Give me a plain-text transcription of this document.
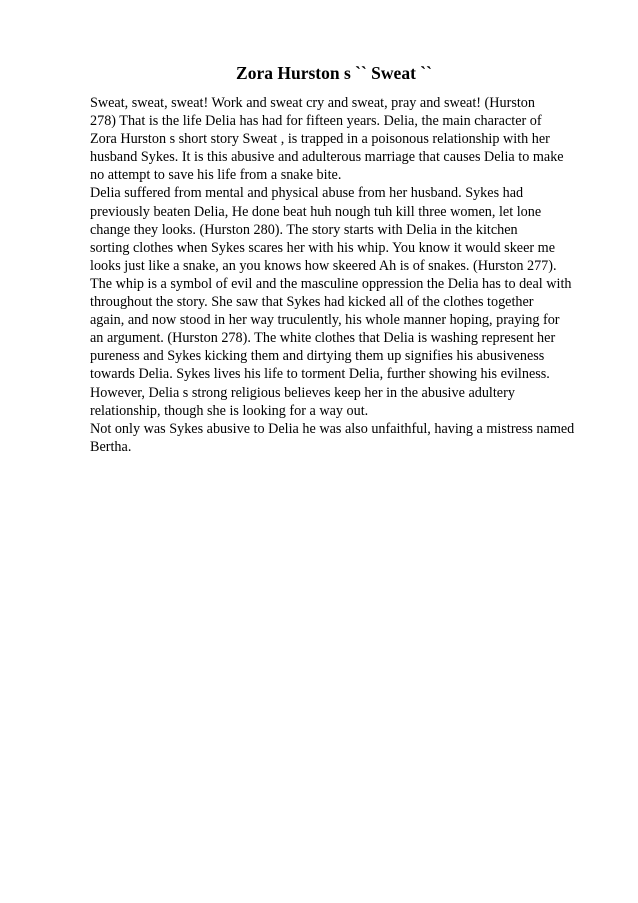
Zora Hurston s `` Sweat ``
Sweat, sweat, sweat! Work and sweat cry and sweat, pray and sweat! (Hurston
278) That is the life Delia has had for fifteen years. Delia, the main character of
Zora Hurston s short story Sweat , is trapped in a poisonous relationship with her
husband Sykes. It is this abusive and adulterous marriage that causes Delia to make
no attempt to save his life from a snake bite.
Delia suffered from mental and physical abuse from her husband. Sykes had
previously beaten Delia, He done beat huh nough tuh kill three women, let lone
change they looks. (Hurston 280). The story starts with Delia in the kitchen
sorting clothes when Sykes scares her with his whip. You know it would skeer me
looks just like a snake, an you knows how skeered Ah is of snakes. (Hurston 277).
The whip is a symbol of evil and the masculine oppression the Delia has to deal with
throughout the story. She saw that Sykes had kicked all of the clothes together
again, and now stood in her way truculently, his whole manner hoping, praying for
an argument. (Hurston 278). The white clothes that Delia is washing represent her
pureness and Sykes kicking them and dirtying them up signifies his abusiveness
towards Delia. Sykes lives his life to torment Delia, further showing his evilness.
However, Delia s strong religious believes keep her in the abusive adultery
relationship, though she is looking for a way out.
Not only was Sykes abusive to Delia he was also unfaithful, having a mistress named
Bertha.
